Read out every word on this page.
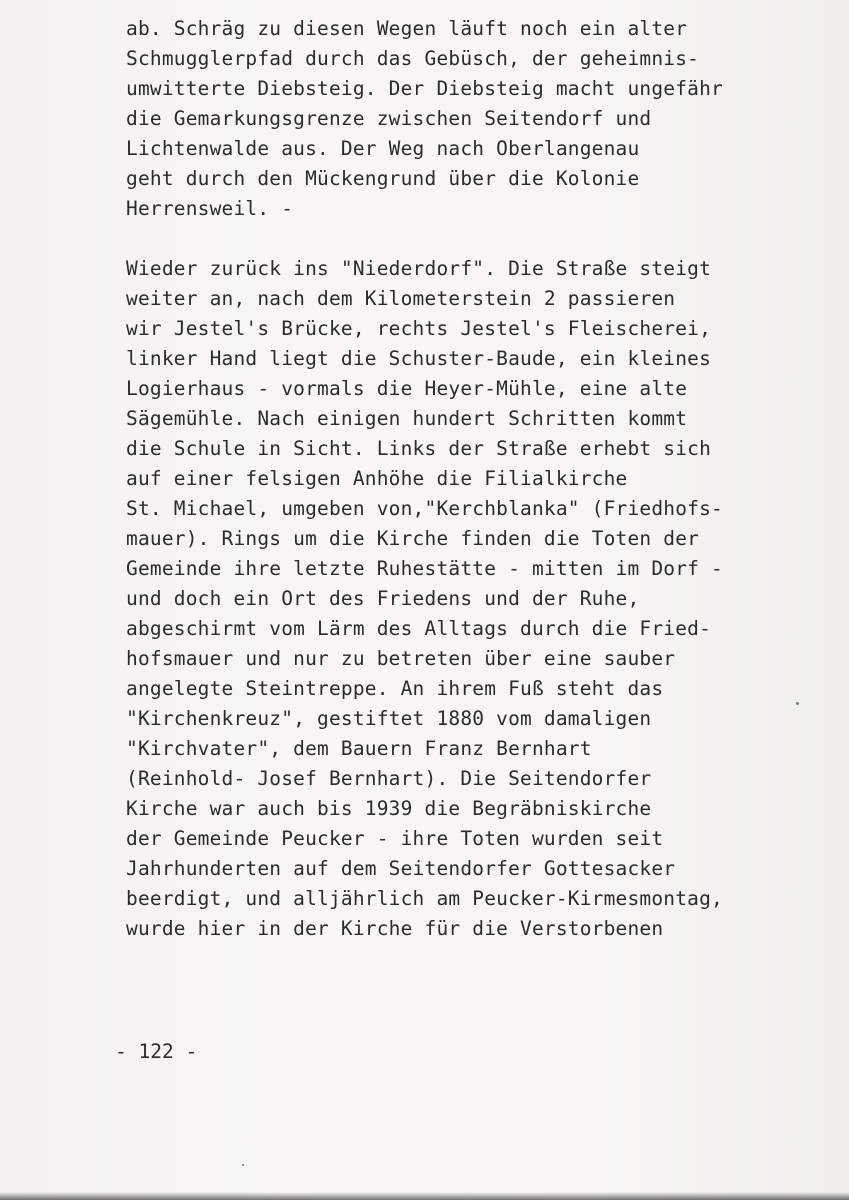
ab. Schräg zu diesen Wegen läuft noch ein alter
Schmugglerpfad durch das Gebüsch, der geheimnis-
umwitterte Diebsteig. Der Diebsteig macht ungefähr
die Gemarkungsgrenze zwischen Seitendorf und
Lichtenwalde aus. Der Weg nach Oberlangenau
geht durch den Mückengrund über die Kolonie
Herrensweil. -
Wieder zurück ins "Niederdorf". Die Straße steigt
weiter an, nach dem Kilometerstein 2 passieren
wir Jestel's Brücke, rechts Jestel's Fleischerei,
linker Hand liegt die Schuster-Baude, ein kleines
Logierhaus - vormals die Heyer-Mühle, eine alte
Sägemühle. Nach einigen hundert Schritten kommt
die Schule in Sicht. Links der Straße erhebt sich
auf einer felsigen Anhöhe die Filialkirche
St. Michael, umgeben von,"Kerchblanka" (Friedhofs-
mauer). Rings um die Kirche finden die Toten der
Gemeinde ihre letzte Ruhestätte - mitten im Dorf -
und doch ein Ort des Friedens und der Ruhe,
abgeschirmt vom Lärm des Alltags durch die Fried-
hofsmauer und nur zu betreten über eine sauber
angelegte Steintreppe. An ihrem Fuß steht das
"Kirchenkreuz", gestiftet 1880 vom damaligen
"Kirchvater", dem Bauern Franz Bernhart
(Reinhold- Josef Bernhart). Die Seitendorfer
Kirche war auch bis 1939 die Begräbniskirche
der Gemeinde Peucker - ihre Toten wurden seit
Jahrhunderten auf dem Seitendorfer Gottesacker
beerdigt, und alljährlich am Peucker-Kirmesmontag,
wurde hier in der Kirche für die Verstorbenen
- 122 -
